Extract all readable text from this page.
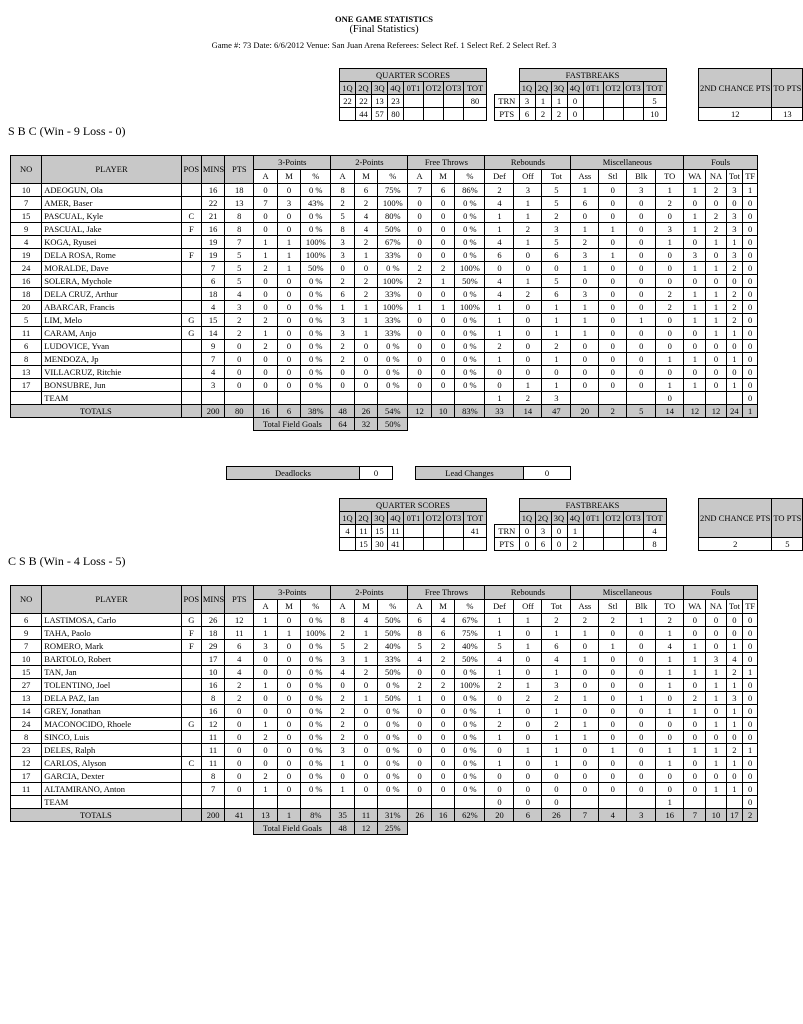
ONE GAME STATISTICS
(Final Statistics)
Game #: 73 Date: 6/6/2012 Venue: San Juan Arena Referees: Select Ref. 1 Select Ref. 2 Select Ref. 3
S B C (Win - 9 Loss - 0)
C S B (Win - 4 Loss - 5)
QUARTER SCORES							
1Q	2Q	3Q	4Q	0T1	OT2	OT3	TOT
22	22	13	23				80
	44	57	80				
	FASTBREAKS							
	1Q	2Q	3Q	4Q	0T1	OT2	OT3	TOT
TRN	3	1	1	0				5
PTS	6	2	2	0				10
2ND CHANCE PTS	TO PTS
12	13
NO	PLAYER	POS	MINS	PTS	3-Points			2-Points			Free Throws			Rebounds			Miscellaneous				Fouls			
					A	M	%	A	M	%	A	M	%	Def	Off	Tot	Ass	Stl	Blk	TO	WA	NA	Tot	TF
10	ADEOGUN, Ola		16	18	0	0	0 %	8	6	75%	7	6	86%	2	3	5	1	0	3	1	1	2	3	1
7	AMER, Baser		22	13	7	3	43%	2	2	100%	0	0	0 %	4	1	5	6	0	0	2	0	0	0	0
15	PASCUAL, Kyle	C	21	8	0	0	0 %	5	4	80%	0	0	0 %	1	1	2	0	0	0	0	1	2	3	0
9	PASCUAL, Jake	F	16	8	0	0	0 %	8	4	50%	0	0	0 %	1	2	3	1	1	0	3	1	2	3	0
4	KOGA, Ryusei		19	7	1	1	100%	3	2	67%	0	0	0 %	4	1	5	2	0	0	1	0	1	1	0
19	DELA ROSA, Rome	F	19	5	1	1	100%	3	1	33%	0	0	0 %	6	0	6	3	1	0	0	3	0	3	0
24	MORALDE, Dave		7	5	2	1	50%	0	0	0 %	2	2	100%	0	0	0	1	0	0	0	1	1	2	0
16	SOLERA, Mychole		6	5	0	0	0 %	2	2	100%	2	1	50%	4	1	5	0	0	0	0	0	0	0	0
18	DELA CRUZ, Arthur		18	4	0	0	0 %	6	2	33%	0	0	0 %	4	2	6	3	0	0	2	1	1	2	0
20	ABARCAR, Francis		4	3	0	0	0 %	1	1	100%	1	1	100%	1	0	1	1	0	0	2	1	1	2	0
5	LIM, Melo	G	15	2	2	0	0 %	3	1	33%	0	0	0 %	1	0	1	1	0	1	0	1	1	2	0
11	CARAM, Anjo	G	14	2	1	0	0 %	3	1	33%	0	0	0 %	1	0	1	1	0	0	0	0	1	1	0
6	LUDOVICE, Yvan		9	0	2	0	0 %	2	0	0 %	0	0	0 %	2	0	2	0	0	0	0	0	0	0	0
8	MENDOZA, Jp		7	0	0	0	0 %	2	0	0 %	0	0	0 %	1	0	1	0	0	0	1	1	0	1	0
13	VILLACRUZ, Ritchie		4	0	0	0	0 %	0	0	0 %	0	0	0 %	0	0	0	0	0	0	0	0	0	0	0
17	BONSUBRE, Jun		3	0	0	0	0 %	0	0	0 %	0	0	0 %	0	1	1	0	0	0	1	1	0	1	0
	TEAM													1	2	3				0				0
TOTALS			200	80	16	6	38%	48	26	54%	12	10	83%	33	14	47	20	2	5	14	12	12	24	1
					Total Field Goals			64	32	50%														
Deadlocks	0		Lead Changes	0
QUARTER SCORES							
1Q	2Q	3Q	4Q	0T1	OT2	OT3	TOT
4	11	15	11				41
	15	30	41				
	FASTBREAKS							
	1Q	2Q	3Q	4Q	0T1	OT2	OT3	TOT
TRN	0	3	0	1				4
PTS	0	6	0	2				8
2ND CHANCE PTS	TO PTS
2	5
NO	PLAYER	POS	MINS	PTS	3-Points			2-Points			Free Throws			Rebounds			Miscellaneous				Fouls			
					A	M	%	A	M	%	A	M	%	Def	Off	Tot	Ass	Stl	Blk	TO	WA	NA	Tot	TF
6	LASTIMOSA, Carlo	G	26	12	1	0	0 %	8	4	50%	6	4	67%	1	1	2	2	2	1	2	0	0	0	0
9	TAHA, Paolo	F	18	11	1	1	100%	2	1	50%	8	6	75%	1	0	1	1	0	0	1	0	0	0	0
7	ROMERO, Mark	F	29	6	3	0	0 %	5	2	40%	5	2	40%	5	1	6	0	1	0	4	1	0	1	0
10	BARTOLO, Robert		17	4	0	0	0 %	3	1	33%	4	2	50%	4	0	4	1	0	0	1	1	3	4	0
15	TAN, Jan		10	4	0	0	0 %	4	2	50%	0	0	0 %	1	0	1	0	0	0	1	1	1	2	1
27	TOLENTINO, Joel		16	2	1	0	0 %	0	0	0 %	2	2	100%	2	1	3	0	0	0	1	0	1	1	0
13	DELA PAZ, Ian		8	2	0	0	0 %	2	1	50%	1	0	0 %	0	2	2	1	0	1	0	2	1	3	0
14	GREY, Jonathan		16	0	0	0	0 %	2	0	0 %	0	0	0 %	1	0	1	0	0	0	1	1	0	1	0
24	MACONOCIDO, Rhoele	G	12	0	1	0	0 %	2	0	0 %	0	0	0 %	2	0	2	1	0	0	0	0	1	1	0
8	SINCO, Luis		11	0	2	0	0 %	2	0	0 %	0	0	0 %	1	0	1	1	0	0	0	0	0	0	0
23	DELES, Ralph		11	0	0	0	0 %	3	0	0 %	0	0	0 %	0	1	1	0	1	0	1	1	1	2	1
12	CARLOS, Alyson	C	11	0	0	0	0 %	1	0	0 %	0	0	0 %	1	0	1	0	0	0	1	0	1	1	0
17	GARCIA, Dexter		8	0	2	0	0 %	0	0	0 %	0	0	0 %	0	0	0	0	0	0	0	0	0	0	0
11	ALTAMIRANO, Anton		7	0	1	0	0 %	1	0	0 %	0	0	0 %	0	0	0	0	0	0	0	0	1	1	0
	TEAM													0	0	0				1				0
TOTALS			200	41	13	1	8%	35	11	31%	26	16	62%	20	6	26	7	4	3	16	7	10	17	2
					Total Field Goals			48	12	25%														
